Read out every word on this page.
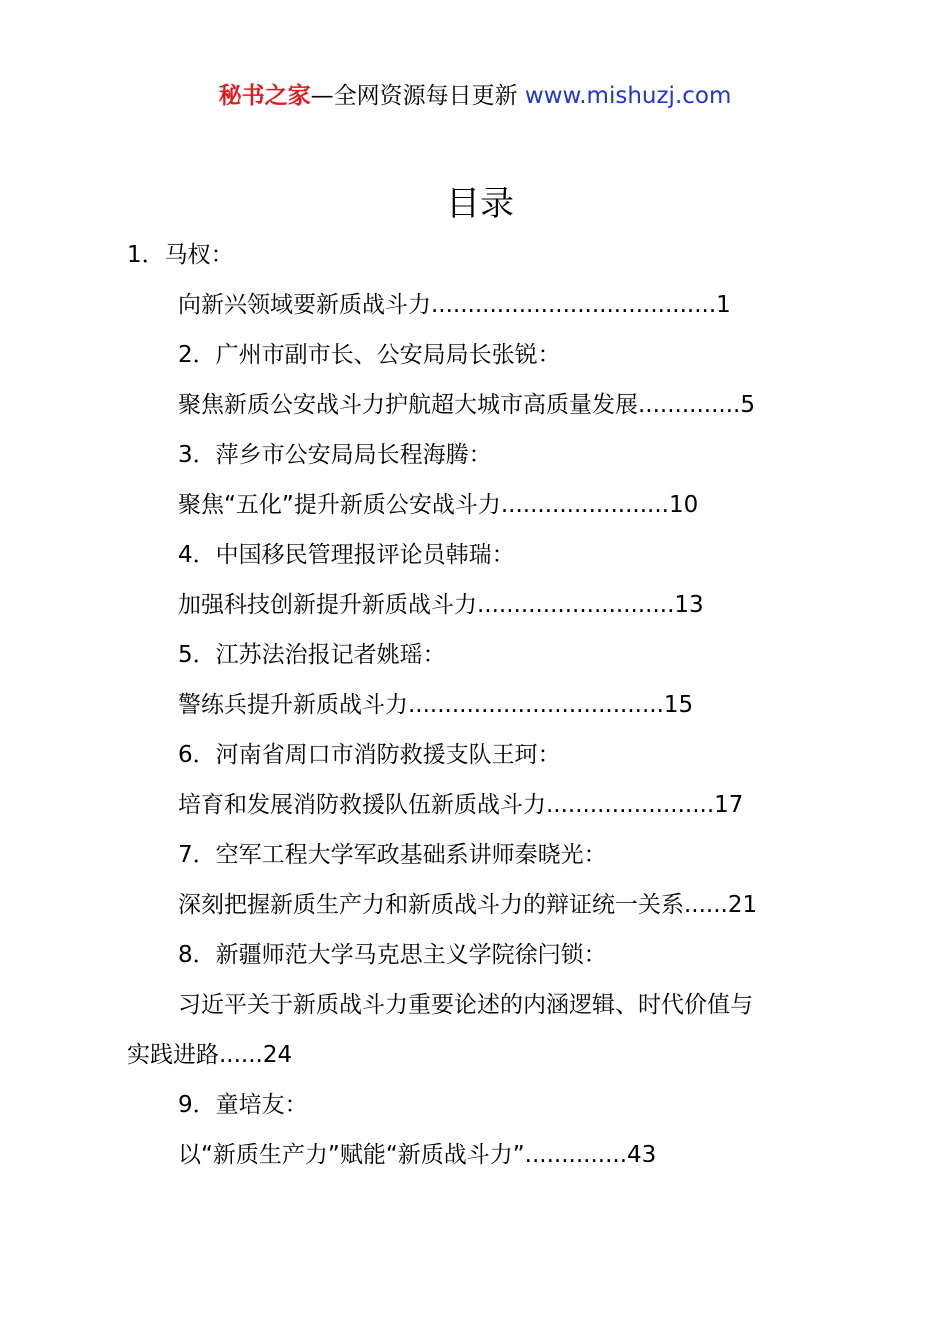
秘书之家—全网资源每日更新 www.mishuzj.com
目录
1．马杈：
向新兴领域要新质战斗力.......................................1
2．广州市副市长、公安局局长张锐：
聚焦新质公安战斗力护航超大城市高质量发展..............5
3．萍乡市公安局局长程海腾：
聚焦“五化”提升新质公安战斗力.......................10
4．中国移民管理报评论员韩瑞：
加强科技创新提升新质战斗力...........................13
5．江苏法治报记者姚瑶：
警练兵提升新质战斗力...................................15
6．河南省周口市消防救援支队王珂：
培育和发展消防救援队伍新质战斗力.......................17
7．空军工程大学军政基础系讲师秦晓光：
深刻把握新质生产力和新质战斗力的辩证统一关系......21
8．新疆师范大学马克思主义学院徐闩锁：
习近平关于新质战斗力重要论述的内涵逻辑、时代价值与
实践进路......24
9．童培友：
以“新质生产力”赋能“新质战斗力”..............43
